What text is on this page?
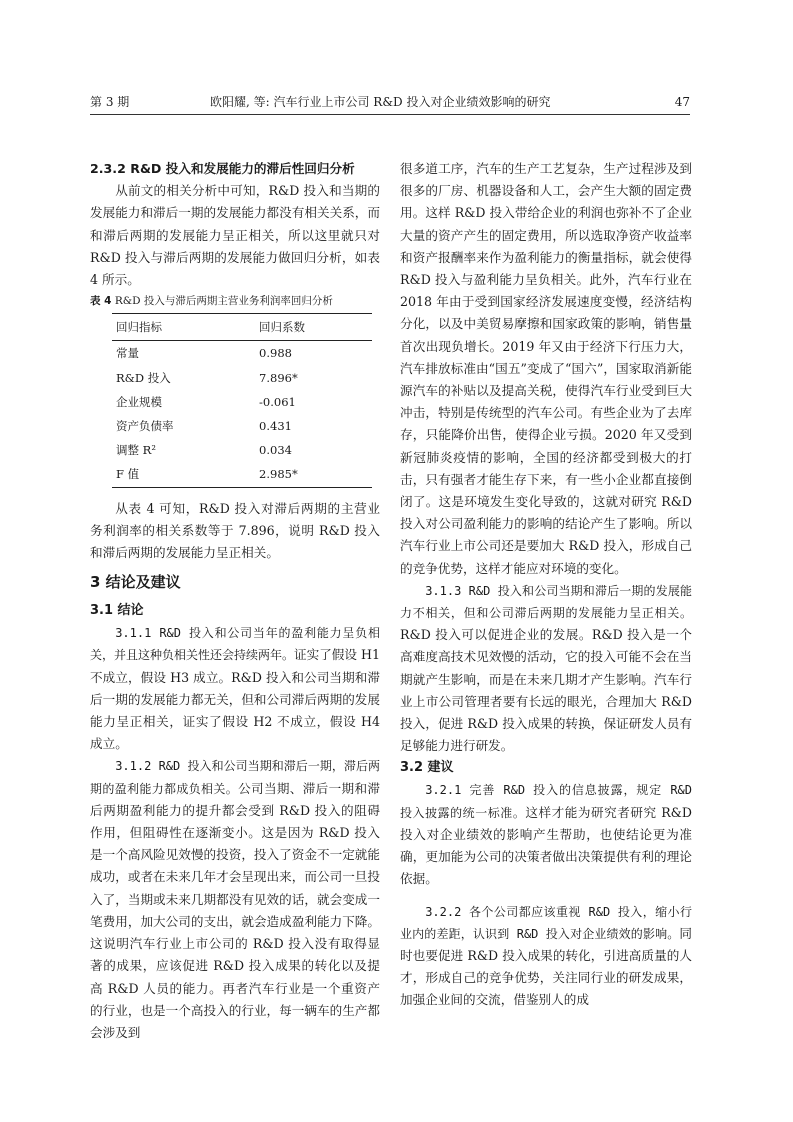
第 3 期	欧阳耀, 等: 汽车行业上市公司 R&D 投入对企业绩效影响的研究	47
2.3.2 R&D 投入和发展能力的滞后性回归分析

从前文的相关分析中可知，R&D 投入和当期的发展能力和滞后一期的发展能力都没有相关关系，而和滞后两期的发展能力呈正相关，所以这里就只对 R&D 投入与滞后两期的发展能力做回归分析，如表 4 所示。

表 4 R&D 投入与滞后两期主营业务利润率回归分析
回归指标	回归系数
常量	0.988
R&D 投入	7.896*
企业规模	-0.061
资产负债率	0.431
调整 R²	0.034
F 值	2.985*

从表 4 可知，R&D 投入对滞后两期的主营业务利润率的相关系数等于 7.896，说明 R&D 投入和滞后两期的发展能力呈正相关。

3 结论及建议
3.1 结论

3.1.1 R&D 投入和公司当年的盈利能力呈负相关，并且这种负相关性还会持续两年。证实了假设 H1 不成立，假设 H3 成立。R&D 投入和公司当期和滞后一期的发展能力都无关，但和公司滞后两期的发展能力呈正相关，证实了假设 H2 不成立，假设 H4 成立。

3.1.2 R&D 投入和公司当期和滞后一期，滞后两期的盈利能力都成负相关。公司当期、滞后一期和滞后两期盈利能力的提升都会受到 R&D 投入的阻碍作用，但阻碍性在逐渐变小。这是因为 R&D 投入是一个高风险见效慢的投资，投入了资金不一定就能成功，或者在未来几年才会呈现出来，而公司一旦投入了，当期或未来几期都没有见效的话，就会变成一笔费用，加大公司的支出，就会造成盈利能力下降。这说明汽车行业上市公司的 R&D 投入没有取得显著的成果，应该促进 R&D 投入成果的转化以及提高 R&D 人员的能力。再者汽车行业是一个重资产的行业，也是一个高投入的行业，每一辆车的生产都会涉及到

很多道工序，汽车的生产工艺复杂，生产过程涉及到很多的厂房、机器设备和人工，会产生大额的固定费用。这样 R&D 投入带给企业的利润也弥补不了企业大量的资产产生的固定费用，所以选取净资产收益率和资产报酬率来作为盈利能力的衡量指标，就会使得 R&D 投入与盈利能力呈负相关。此外，汽车行业在 2018 年由于受到国家经济发展速度变慢，经济结构分化，以及中美贸易摩擦和国家政策的影响，销售量首次出现负增长。2019 年又由于经济下行压力大，汽车排放标准由“国五”变成了“国六”，国家取消新能源汽车的补贴以及提高关税，使得汽车行业受到巨大冲击，特别是传统型的汽车公司。有些企业为了去库存，只能降价出售，使得企业亏损。2020 年又受到新冠肺炎疫情的影响，全国的经济都受到极大的打击，只有强者才能生存下来，有一些小企业都直接倒闭了。这是环境发生变化导致的，这就对研究 R&D 投入对公司盈利能力的影响的结论产生了影响。所以汽车行业上市公司还是要加大 R&D 投入，形成自己的竞争优势，这样才能应对环境的变化。

3.1.3 R&D 投入和公司当期和滞后一期的发展能力不相关，但和公司滞后两期的发展能力呈正相关。R&D 投入可以促进企业的发展。R&D 投入是一个高难度高技术见效慢的活动，它的投入可能不会在当期就产生影响，而是在未来几期才产生影响。汽车行业上市公司管理者要有长远的眼光，合理加大 R&D 投入，促进 R&D 投入成果的转换，保证研发人员有足够能力进行研发。

3.2 建议

3.2.1 完善 R&D 投入的信息披露，规定 R&D 投入披露的统一标准。这样才能为研究者研究 R&D 投入对企业绩效的影响产生帮助，也使结论更为准确，更加能为公司的决策者做出决策提供有利的理论依据。

3.2.2 各个公司都应该重视 R&D 投入，缩小行业内的差距，认识到 R&D 投入对企业绩效的影响。同时也要促进 R&D 投入成果的转化，引进高质量的人才，形成自己的竞争优势，关注同行业的研发成果，加强企业间的交流，借鉴别人的成
